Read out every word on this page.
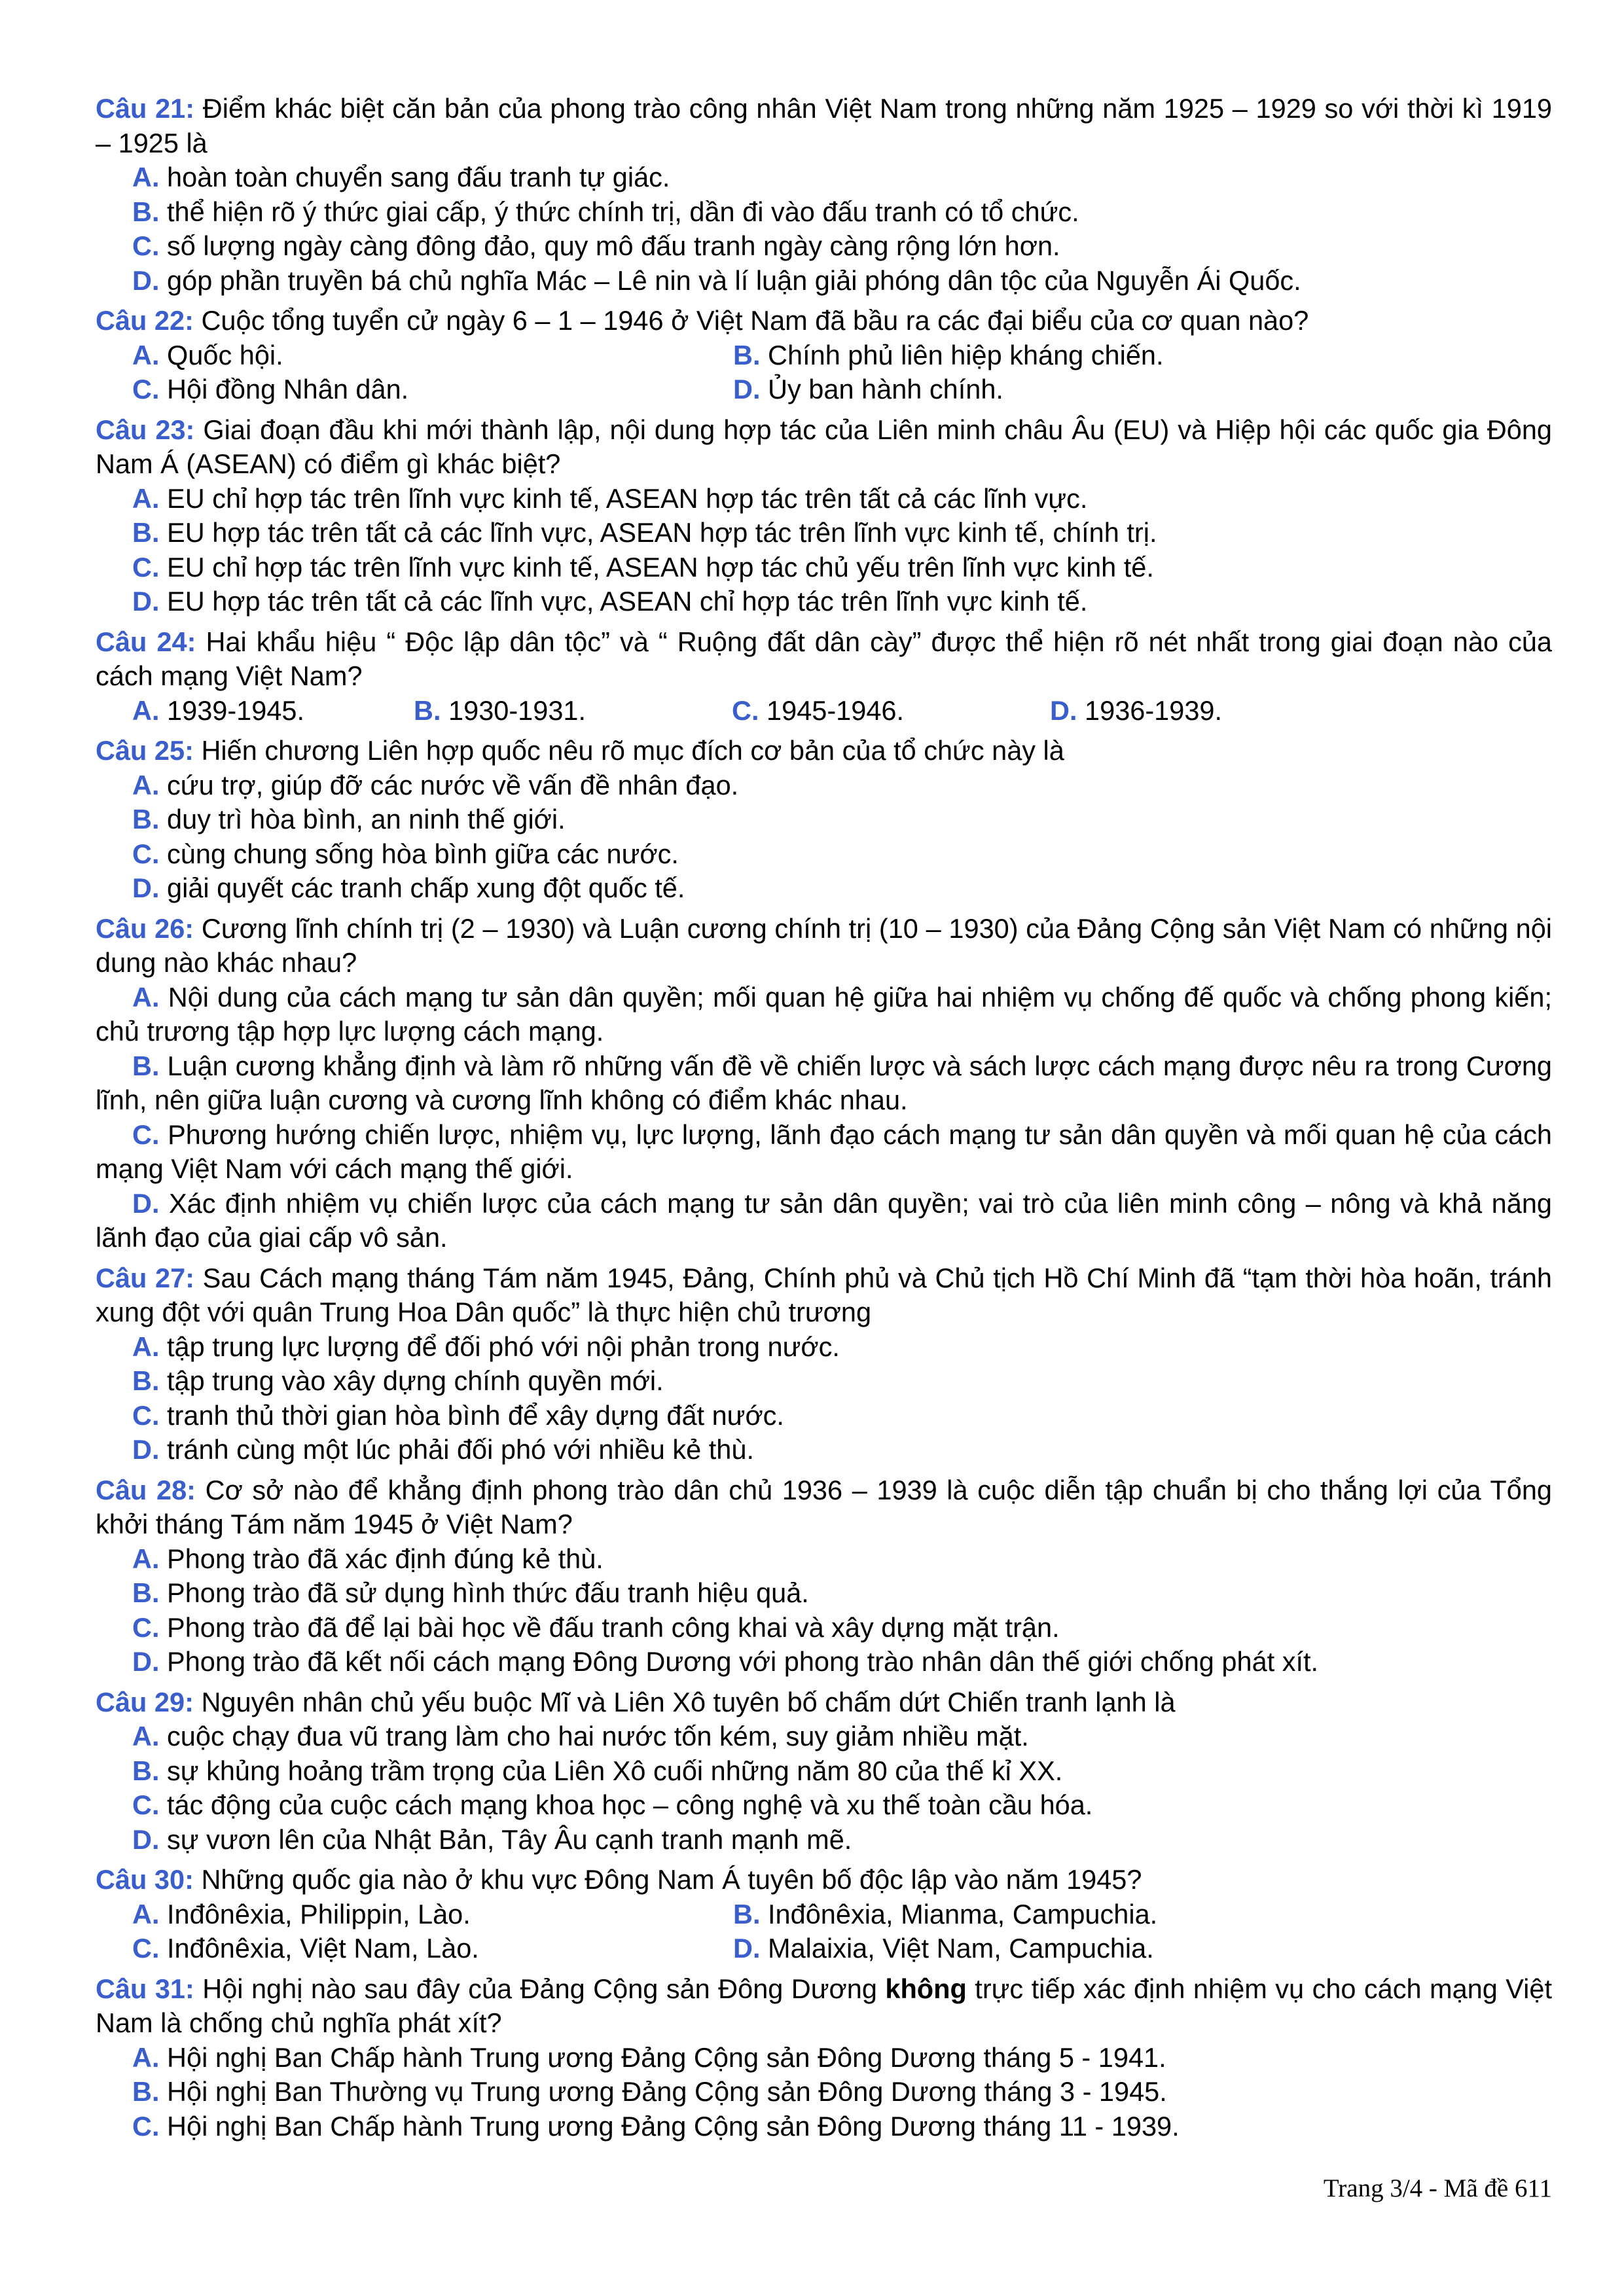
Câu 21: Điểm khác biệt căn bản của phong trào công nhân Việt Nam trong những năm 1925 – 1929 so với thời kì 1919 – 1925 là
A. hoàn toàn chuyển sang đấu tranh tự giác.
B. thể hiện rõ ý thức giai cấp, ý thức chính trị, dần đi vào đấu tranh có tổ chức.
C. số lượng ngày càng đông đảo, quy mô đấu tranh ngày càng rộng lớn hơn.
D. góp phần truyền bá chủ nghĩa Mác – Lê nin và lí luận giải phóng dân tộc của Nguyễn Ái Quốc.
Câu 22: Cuộc tổng tuyển cử ngày 6 – 1 – 1946 ở Việt Nam đã bầu ra các đại biểu của cơ quan nào?
A. Quốc hội.	B. Chính phủ liên hiệp kháng chiến.
C. Hội đồng Nhân dân.	D. Ủy ban hành chính.
Câu 23: Giai đoạn đầu khi mới thành lập, nội dung hợp tác của Liên minh châu Âu (EU) và Hiệp hội các quốc gia Đông Nam Á (ASEAN) có điểm gì khác biệt?
A. EU chỉ hợp tác trên lĩnh vực kinh tế, ASEAN hợp tác trên tất cả các lĩnh vực.
B. EU hợp tác trên tất cả các lĩnh vực, ASEAN hợp tác trên lĩnh vực kinh tế, chính trị.
C. EU chỉ hợp tác trên lĩnh vực kinh tế, ASEAN hợp tác chủ yếu trên lĩnh vực kinh tế.
D. EU hợp tác trên tất cả các lĩnh vực, ASEAN chỉ hợp tác trên lĩnh vực kinh tế.
Câu 24: Hai khẩu hiệu “ Độc lập dân tộc” và “ Ruộng đất dân cày” được thể hiện rõ nét nhất trong giai đoạn nào của cách mạng Việt Nam?
A. 1939-1945.	B. 1930-1931.	C. 1945-1946.	D. 1936-1939.
Câu 25: Hiến chương Liên hợp quốc nêu rõ mục đích cơ bản của tổ chức này là
A. cứu trợ, giúp đỡ các nước về vấn đề nhân đạo.
B. duy trì hòa bình, an ninh thế giới.
C. cùng chung sống hòa bình giữa các nước.
D. giải quyết các tranh chấp xung đột quốc tế.
Câu 26: Cương lĩnh chính trị (2 – 1930) và Luận cương chính trị (10 – 1930) của Đảng Cộng sản Việt Nam có những nội dung nào khác nhau?
A. Nội dung của cách mạng tư sản dân quyền; mối quan hệ giữa hai nhiệm vụ chống đế quốc và chống phong kiến; chủ trương tập hợp lực lượng cách mạng.
B. Luận cương khẳng định và làm rõ những vấn đề về chiến lược và sách lược cách mạng được nêu ra trong Cương lĩnh, nên giữa luận cương và cương lĩnh không có điểm khác nhau.
C. Phương hướng chiến lược, nhiệm vụ, lực lượng, lãnh đạo cách mạng tư sản dân quyền và mối quan hệ của cách mạng Việt Nam với cách mạng thế giới.
D. Xác định nhiệm vụ chiến lược của cách mạng tư sản dân quyền; vai trò của liên minh công – nông và khả năng lãnh đạo của giai cấp vô sản.
Câu 27: Sau Cách mạng tháng Tám năm 1945, Đảng, Chính phủ và Chủ tịch Hồ Chí Minh đã “tạm thời hòa hoãn, tránh xung đột với quân Trung Hoa Dân quốc” là thực hiện chủ trương
A. tập trung lực lượng để đối phó với nội phản trong nước.
B. tập trung vào xây dựng chính quyền mới.
C. tranh thủ thời gian hòa bình để xây dựng đất nước.
D. tránh cùng một lúc phải đối phó với nhiều kẻ thù.
Câu 28: Cơ sở nào để khẳng định phong trào dân chủ 1936 – 1939 là cuộc diễn tập chuẩn bị cho thắng lợi của Tổng khởi tháng Tám năm 1945 ở Việt Nam?
A. Phong trào đã xác định đúng kẻ thù.
B. Phong trào đã sử dụng hình thức đấu tranh hiệu quả.
C. Phong trào đã để lại bài học về đấu tranh công khai và xây dựng mặt trận.
D. Phong trào đã kết nối cách mạng Đông Dương với phong trào nhân dân thế giới chống phát xít.
Câu 29: Nguyên nhân chủ yếu buộc Mĩ và Liên Xô tuyên bố chấm dứt Chiến tranh lạnh là
A. cuộc chạy đua vũ trang làm cho hai nước tốn kém, suy giảm nhiều mặt.
B. sự khủng hoảng trầm trọng của Liên Xô cuối những năm 80 của thế kỉ XX.
C. tác động của cuộc cách mạng khoa học – công nghệ và xu thế toàn cầu hóa.
D. sự vươn lên của Nhật Bản, Tây Âu cạnh tranh mạnh mẽ.
Câu 30: Những quốc gia nào ở khu vực Đông Nam Á tuyên bố độc lập vào năm 1945?
A. Inđônêxia, Philippin, Lào.	B. Inđônêxia, Mianma, Campuchia.
C. Inđônêxia, Việt Nam, Lào.	D. Malaixia, Việt Nam, Campuchia.
Câu 31: Hội nghị nào sau đây của Đảng Cộng sản Đông Dương không trực tiếp xác định nhiệm vụ cho cách mạng Việt Nam là chống chủ nghĩa phát xít?
A. Hội nghị Ban Chấp hành Trung ương Đảng Cộng sản Đông Dương tháng 5 - 1941.
B. Hội nghị Ban Thường vụ Trung ương Đảng Cộng sản Đông Dương tháng 3 - 1945.
C. Hội nghị Ban Chấp hành Trung ương Đảng Cộng sản Đông Dương tháng 11 - 1939.
Trang 3/4 - Mã đề 611
